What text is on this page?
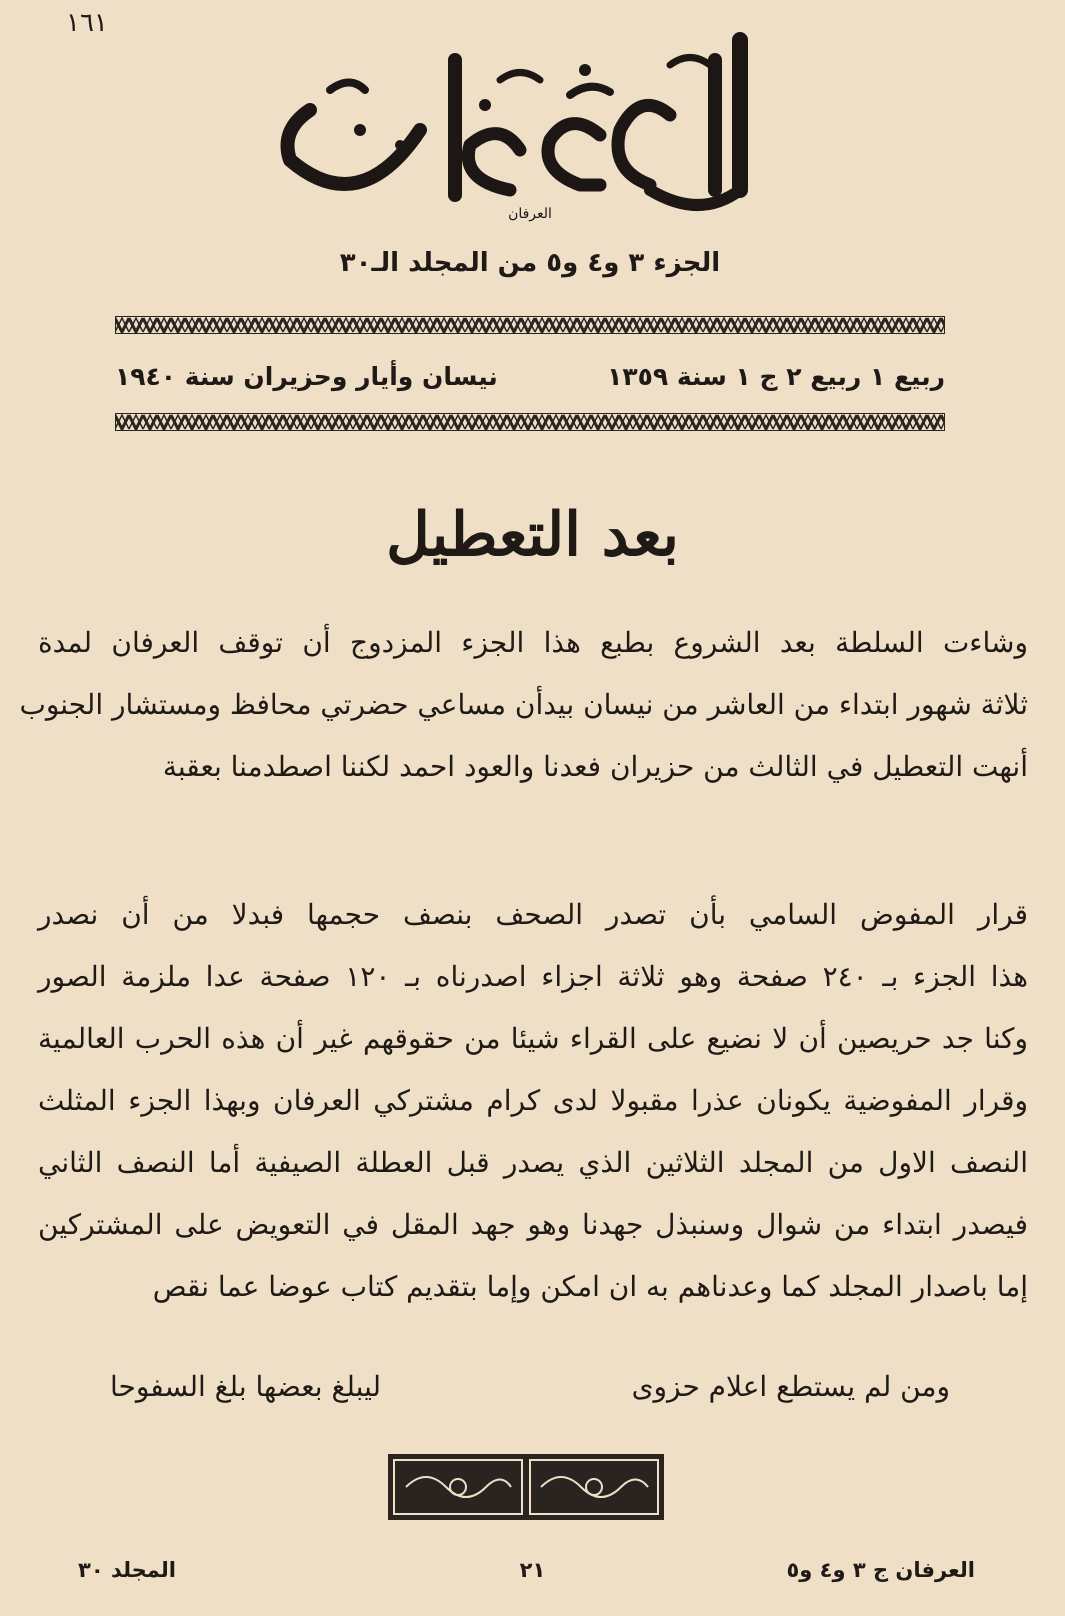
١٦١
العرفان
الجزء ٣ و٤ و٥ من المجلد الـ٣٠
ربيع ١ ربيع ٢ ج ١ سنة ١٣٥٩
نيسان وأيار وحزيران سنة ١٩٤٠
بعد التعطيل

وشاءت السلطة بعد الشروع بطبع هذا الجزء المزدوج أن توقف العرفان لمدة

ثلاثة شهور ابتداء من العاشر من نيسان بيدأن مساعي حضرتي محافظ ومستشار الجنوب

أنهت التعطيل في الثالث من حزيران فعدنا والعود احمد لكننا اصطدمنا بعقبة

قرار المفوض السامي بأن تصدر الصحف بنصف حجمها فبدلا من أن نصدر

هذا الجزء بـ ٢٤٠ صفحة وهو ثلاثة اجزاء اصدرناه بـ ١٢٠ صفحة عدا ملزمة الصور

وكنا جد حريصين أن لا نضيع على القراء شيئا من حقوقهم غير أن هذه الحرب العالمية

وقرار المفوضية يكونان عذرا مقبولا لدى كرام مشتركي العرفان وبهذا الجزء المثلث

النصف الاول من المجلد الثلاثين الذي يصدر قبل العطلة الصيفية أما النصف الثاني

فيصدر ابتداء من شوال وسنبذل جهدنا وهو جهد المقل في التعويض على المشتركين

إما باصدار المجلد كما وعدناهم به ان امكن وإما بتقديم كتاب عوضا عما نقص

ومن لم يستطع اعلام حزوى
ليبلغ بعضها بلغ السفوحا
العرفان ج ٣ و٤ و٥
٢١
المجلد ٣٠
